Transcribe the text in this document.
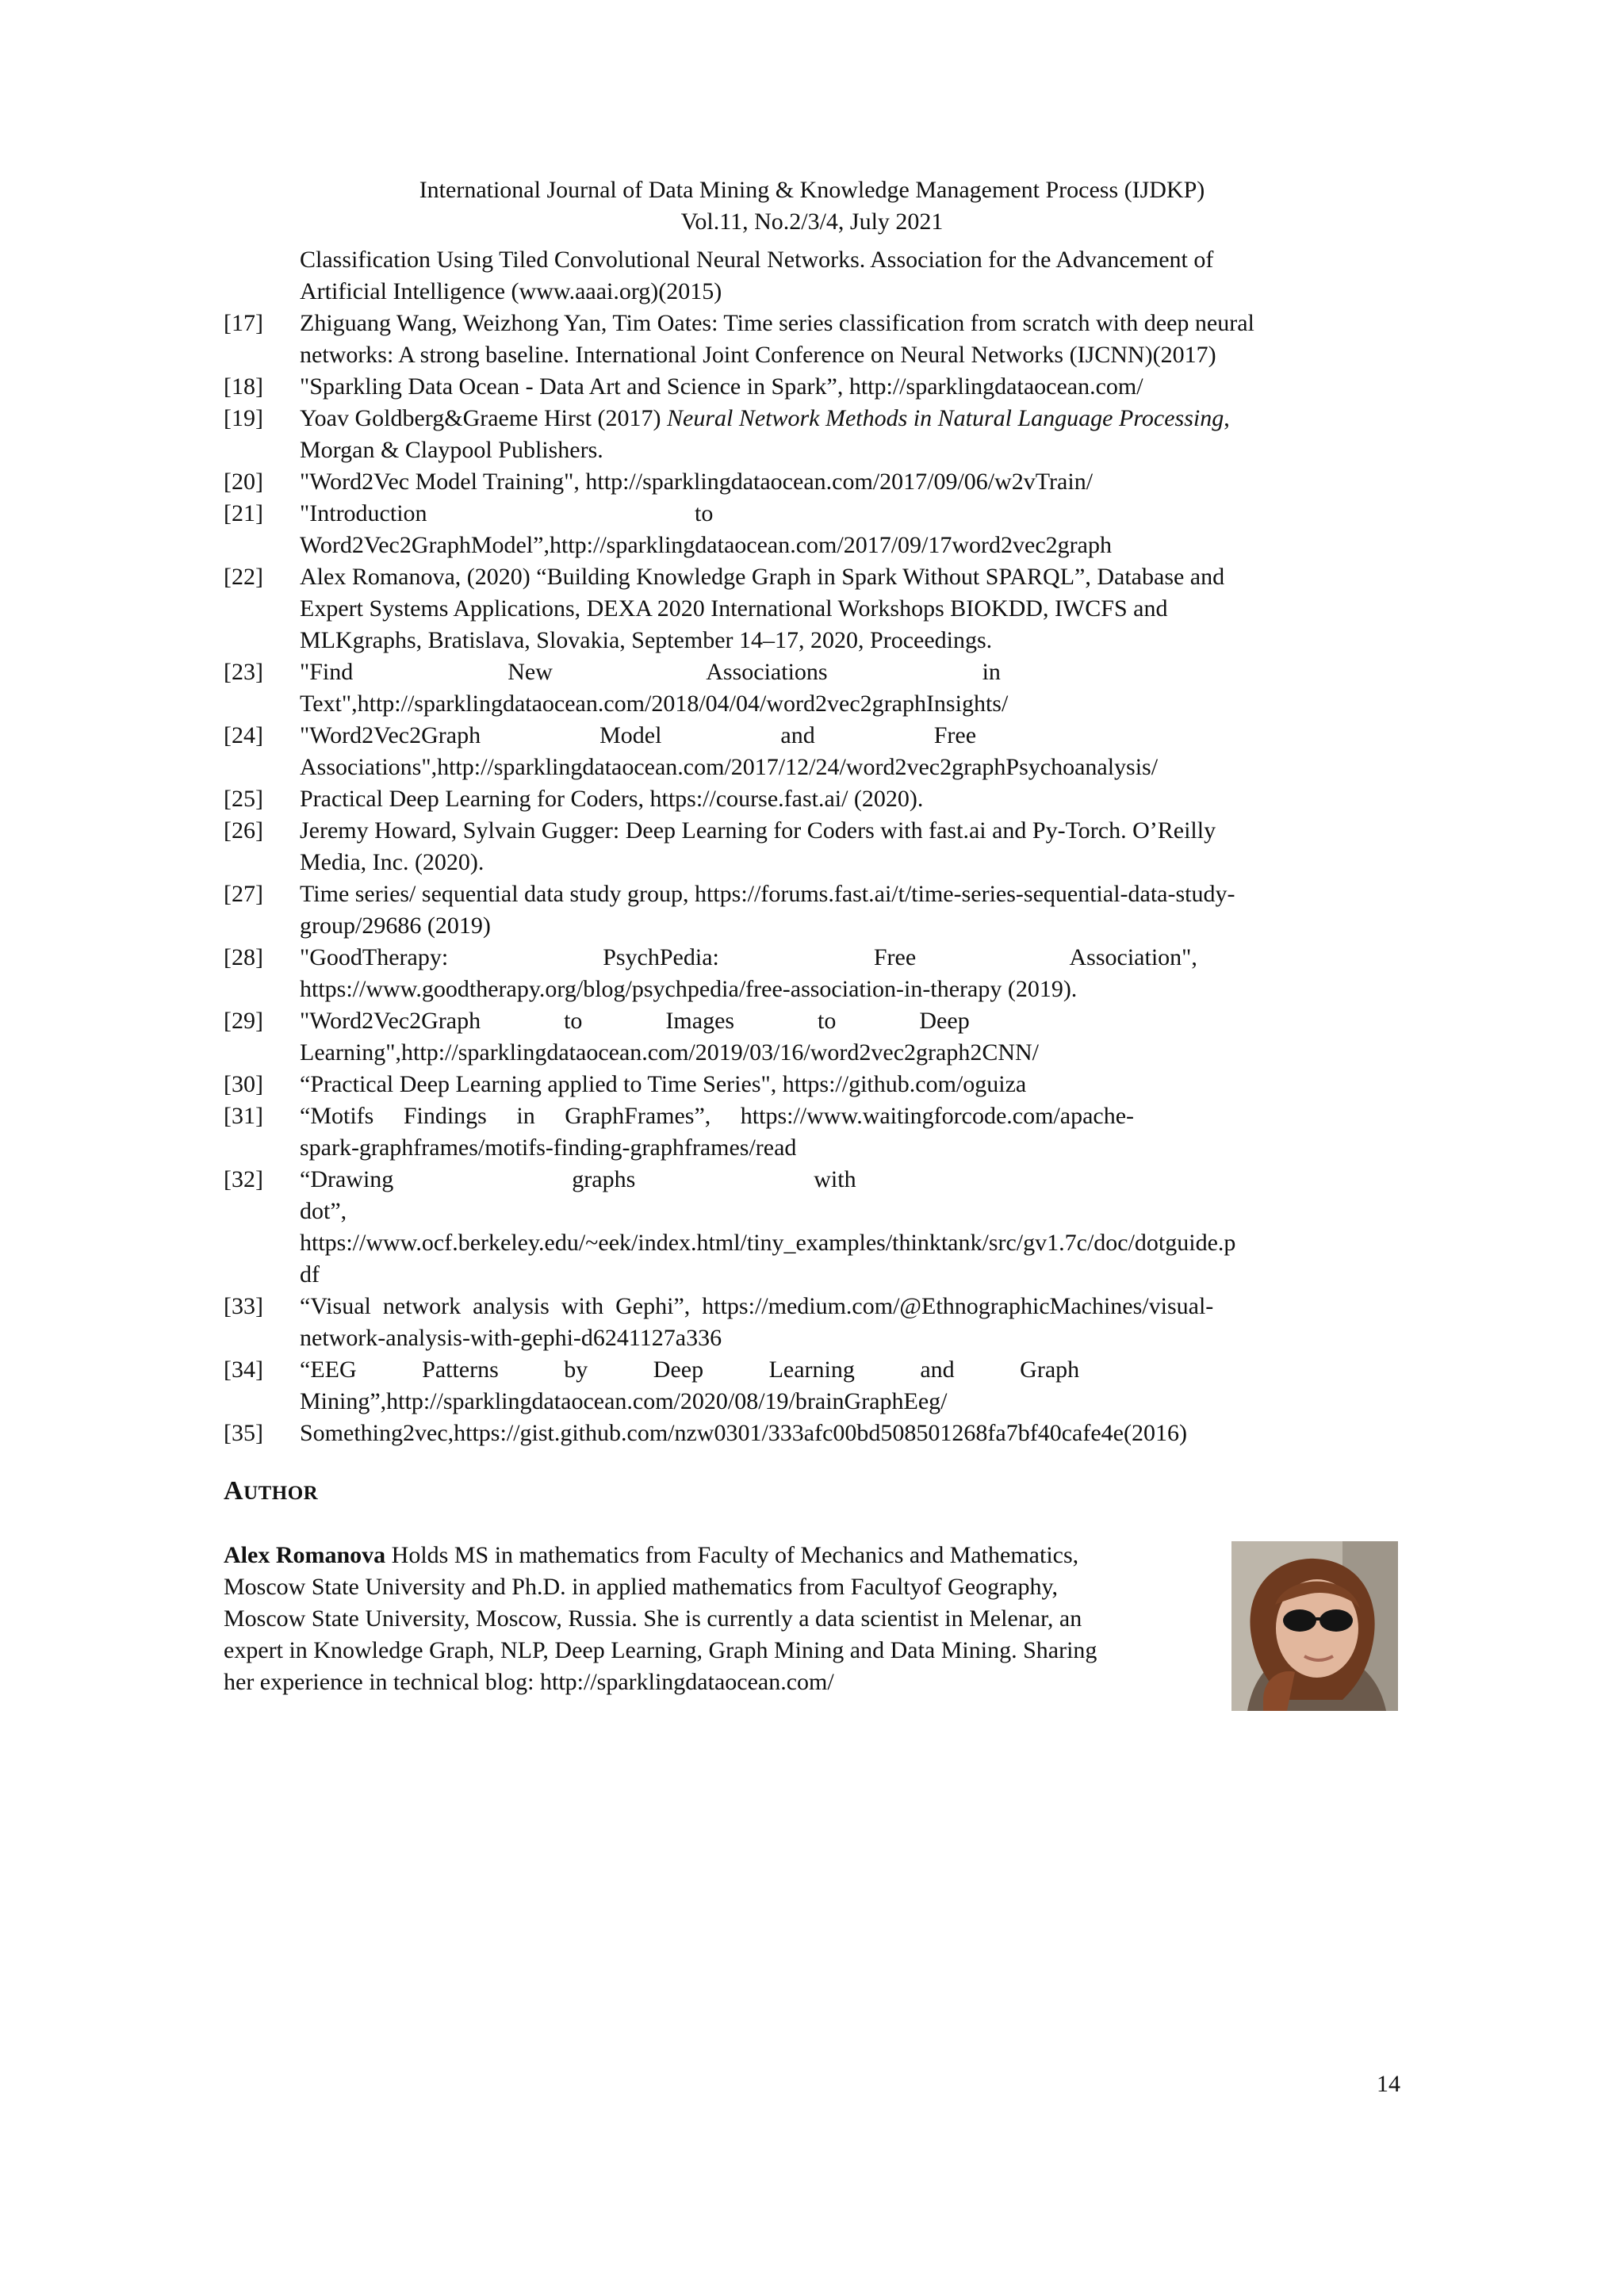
International Journal of Data Mining & Knowledge Management Process (IJDKP)
Vol.11, No.2/3/4, July 2021
Classification Using Tiled Convolutional Neural Networks. Association for the Advancement of
Artificial Intelligence (www.aaai.org)(2015)
[17]	Zhiguang Wang, Weizhong Yan, Tim Oates: Time series classification from scratch with deep neural
networks: A strong baseline. International Joint Conference on Neural Networks (IJCNN)(2017)
[18]	"Sparkling Data Ocean - Data Art and Science in Spark”, http://sparklingdataocean.com/
[19]	Yoav Goldberg&Graeme Hirst (2017) Neural Network Methods in Natural Language Processing,
Morgan & Claypool Publishers.
[20]	"Word2Vec Model Training", http://sparklingdataocean.com/2017/09/06/w2vTrain/
[21]	"Introduction                                             to
Word2Vec2GraphModel”,http://sparklingdataocean.com/2017/09/17word2vec2graph
[22]	Alex Romanova, (2020) “Building Knowledge Graph in Spark Without SPARQL”, Database and
Expert Systems Applications, DEXA 2020 International Workshops BIOKDD, IWCFS and
MLKgraphs, Bratislava, Slovakia, September 14–17, 2020, Proceedings.
[23]	"Find                          New                          Associations                          in
Text",http://sparklingdataocean.com/2018/04/04/word2vec2graphInsights/
[24]	"Word2Vec2Graph                    Model                    and                    Free
Associations",http://sparklingdataocean.com/2017/12/24/word2vec2graphPsychoanalysis/
[25]	Practical Deep Learning for Coders, https://course.fast.ai/ (2020).
[26]	Jeremy Howard, Sylvain Gugger: Deep Learning for Coders with fast.ai and Py-Torch. O’Reilly
Media, Inc. (2020).
[27]	Time series/ sequential data study group, https://forums.fast.ai/t/time-series-sequential-data-study-
group/29686 (2019)
[28]	"GoodTherapy:                          PsychPedia:                          Free                          Association",
https://www.goodtherapy.org/blog/psychpedia/free-association-in-therapy (2019).
[29]	"Word2Vec2Graph              to              Images              to              Deep
Learning",http://sparklingdataocean.com/2019/03/16/word2vec2graph2CNN/
[30]	“Practical Deep Learning applied to Time Series", https://github.com/oguiza
[31]	“Motifs     Findings     in     GraphFrames”,     https://www.waitingforcode.com/apache-
spark-graphframes/motifs-finding-graphframes/read
[32]	“Drawing                              graphs                              with
dot”,
https://www.ocf.berkeley.edu/~eek/index.html/tiny_examples/thinktank/src/gv1.7c/doc/dotguide.p
df
[33]	“Visual  network  analysis  with  Gephi”,  https://medium.com/@EthnographicMachines/visual-
network-analysis-with-gephi-d6241127a336
[34]	“EEG           Patterns           by           Deep           Learning           and           Graph
Mining”,http://sparklingdataocean.com/2020/08/19/brainGraphEeg/
[35]	Something2vec,https://gist.github.com/nzw0301/333afc00bd508501268fa7bf40cafe4e(2016)
AUTHOR
Alex Romanova Holds MS in mathematics from Faculty of Mechanics and Mathematics,
Moscow State University and Ph.D. in applied mathematics from Facultyof Geography,
Moscow State University, Moscow, Russia. She is currently a data scientist in Melenar, an
expert in Knowledge Graph, NLP, Deep Learning, Graph Mining and Data Mining. Sharing
her experience in technical blog: http://sparklingdataocean.com/
14
